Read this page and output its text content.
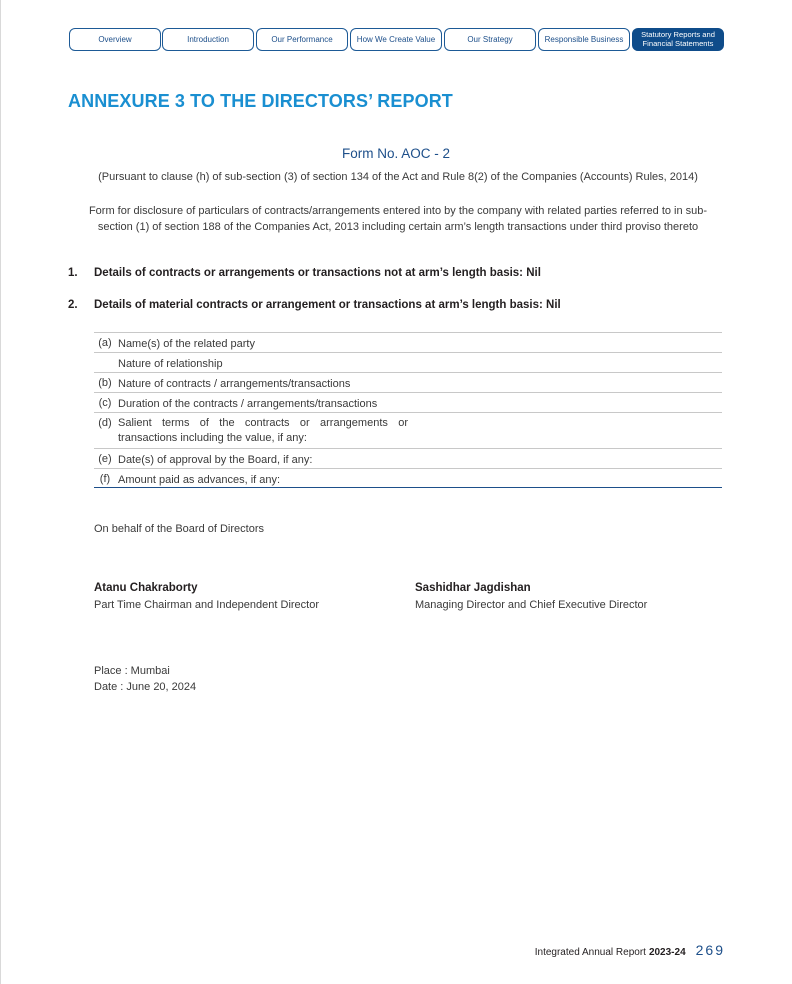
Overview	Introduction	Our Performance	How We Create Value	Our Strategy	Responsible Business
Statutory Reports and
Financial Statements
ANNEXURE 3 TO THE DIRECTORS’ REPORT
Form No. AOC - 2
(Pursuant to clause (h) of sub-section (3) of section 134 of the Act and Rule 8(2) of the Companies (Accounts) Rules, 2014)
Form for disclosure of particulars of contracts/arrangements entered into by the company with related parties referred to in sub-section (1) of section 188 of the Companies Act, 2013 including certain arm’s length transactions under third proviso thereto
1. Details of contracts or arrangements or transactions not at arm’s length basis: Nil
2. Details of material contracts or arrangement or transactions at arm’s length basis: Nil
(a) Name(s) of the related party
Nature of relationship
(b) Nature of contracts / arrangements/transactions
(c) Duration of the contracts / arrangements/transactions
(d) Salient terms of the contracts or arrangements or transactions including the value, if any:
(e) Date(s) of approval by the Board, if any:
(f) Amount paid as advances, if any:
On behalf of the Board of Directors
Atanu Chakraborty
Part Time Chairman and Independent Director
Sashidhar Jagdishan
Managing Director and Chief Executive Director
Place : Mumbai
Date : June 20, 2024
Integrated Annual Report 2023-24 269
